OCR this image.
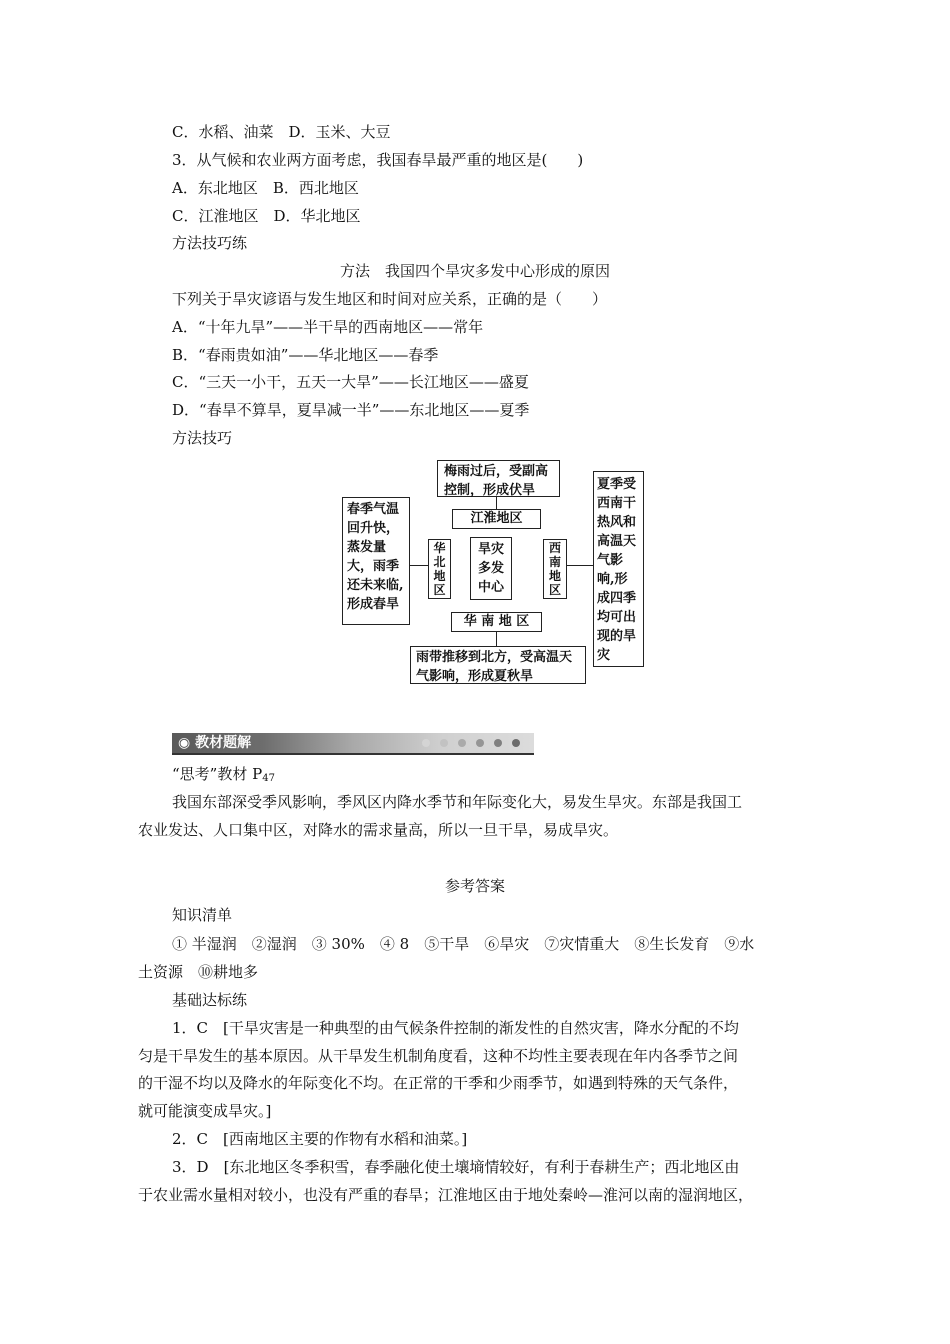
C．水稻、油菜　D．玉米、大豆
3．从气候和农业两方面考虑，我国春旱最严重的地区是(　　)
A．东北地区　B．西北地区
C．江淮地区　D．华北地区
方法技巧练
方法　我国四个旱灾多发中心形成的原因
下列关于旱灾谚语与发生地区和时间对应关系，正确的是（　　）
A．“十年九旱”——半干旱的西南地区——常年
B．“春雨贵如油”——华北地区——春季
C．“三天一小干，五天一大旱”——长江地区——盛夏
D．“春旱不算旱，夏旱减一半”——东北地区——夏季
方法技巧
梅雨过后，受副高控制，形成伏旱
江淮地区
春季气温回升快，蒸发量大，雨季还未来临,形成春旱
华北地区
旱灾多发中心
西南地区
夏季受西南干热风和高温天气影响,形成四季均可出现的旱灾
华 南 地 区
雨带推移到北方，受高温天气影响，形成夏秋旱
◉ 教材题解
“思考”教材 $P_{47}$
我国东部深受季风影响，季风区内降水季节和年际变化大，易发生旱灾。东部是我国工
农业发达、人口集中区，对降水的需求量高，所以一旦干旱，易成旱灾。
参考答案
知识清单
① 半湿润　②湿润　③ 30%　④ 8　⑤干旱　⑥旱灾　⑦灾情重大　⑧生长发育　⑨水
土资源　⑩耕地多
基础达标练
1．C　[干旱灾害是一种典型的由气候条件控制的渐发性的自然灾害，降水分配的不均
匀是干旱发生的基本原因。从干旱发生机制角度看，这种不均性主要表现在年内各季节之间
的干湿不均以及降水的年际变化不均。在正常的干季和少雨季节，如遇到特殊的天气条件，
就可能演变成旱灾。]
2．C　[西南地区主要的作物有水稻和油菜。]
3．D　[东北地区冬季积雪，春季融化使土壤墒情较好，有利于春耕生产；西北地区由
于农业需水量相对较小，也没有严重的春旱；江淮地区由于地处秦岭—淮河以南的湿润地区，
